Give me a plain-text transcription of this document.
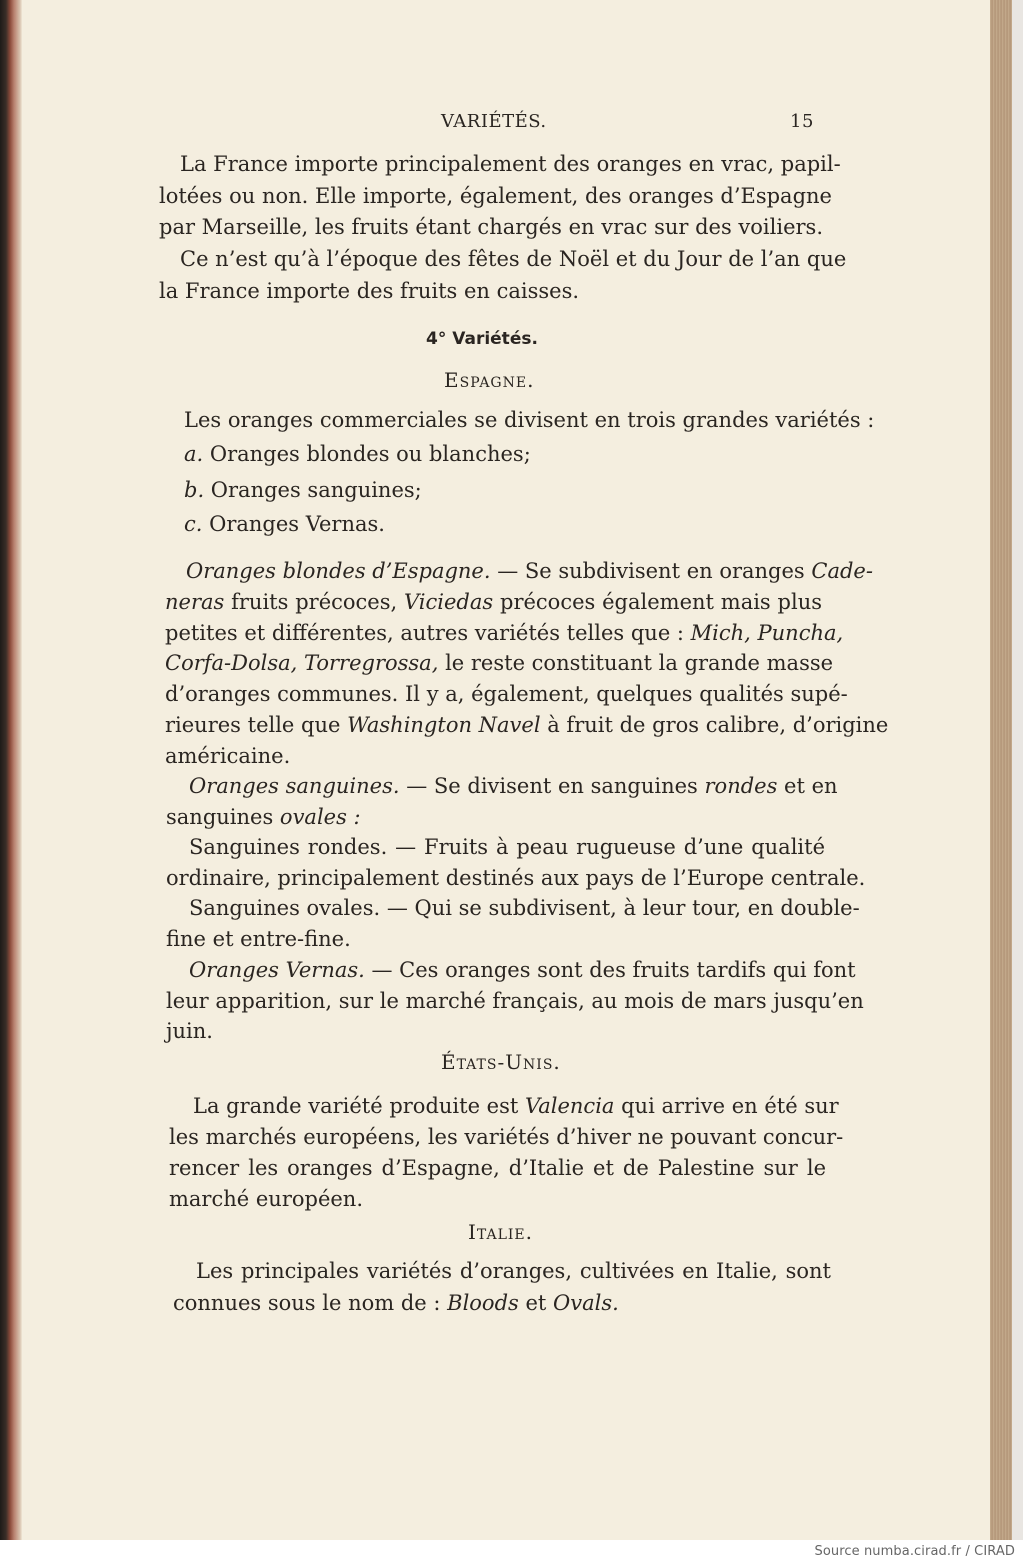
VARIÉTÉS.	15
La France importe principalement des oranges en vrac, papil-
lotées ou non. Elle importe, également, des oranges d’Espagne
par Marseille, les fruits étant chargés en vrac sur des voiliers.
Ce n’est qu’à l’époque des fêtes de Noël et du Jour de l’an que
la France importe des fruits en caisses.
4° Variétés.
Espagne.
Les oranges commerciales se divisent en trois grandes variétés :
a. Oranges blondes ou blanches;
b. Oranges sanguines;
c. Oranges Vernas.
Oranges blondes d’Espagne. — Se subdivisent en oranges Cade-
neras fruits précoces, Viciedas précoces également mais plus
petites et différentes, autres variétés telles que : Mich, Puncha,
Corfa-Dolsa, Torregrossa, le reste constituant la grande masse
d’oranges communes. Il y a, également, quelques qualités supé-
rieures telle que Washington Navel à fruit de gros calibre, d’origine
américaine.
Oranges sanguines. — Se divisent en sanguines rondes et en
sanguines ovales :
Sanguines rondes. — Fruits à peau rugueuse d’une qualité
ordinaire, principalement destinés aux pays de l’Europe centrale.
Sanguines ovales. — Qui se subdivisent, à leur tour, en double-
fine et entre-fine.
Oranges Vernas. — Ces oranges sont des fruits tardifs qui font
leur apparition, sur le marché français, au mois de mars jusqu’en
juin.
États-Unis.
La grande variété produite est Valencia qui arrive en été sur
les marchés européens, les variétés d’hiver ne pouvant concur-
rencer les oranges d’Espagne, d’Italie et de Palestine sur le
marché européen.
Italie.
Les principales variétés d’oranges, cultivées en Italie, sont
connues sous le nom de : Bloods et Ovals.
Source numba.cirad.fr / CIRAD
